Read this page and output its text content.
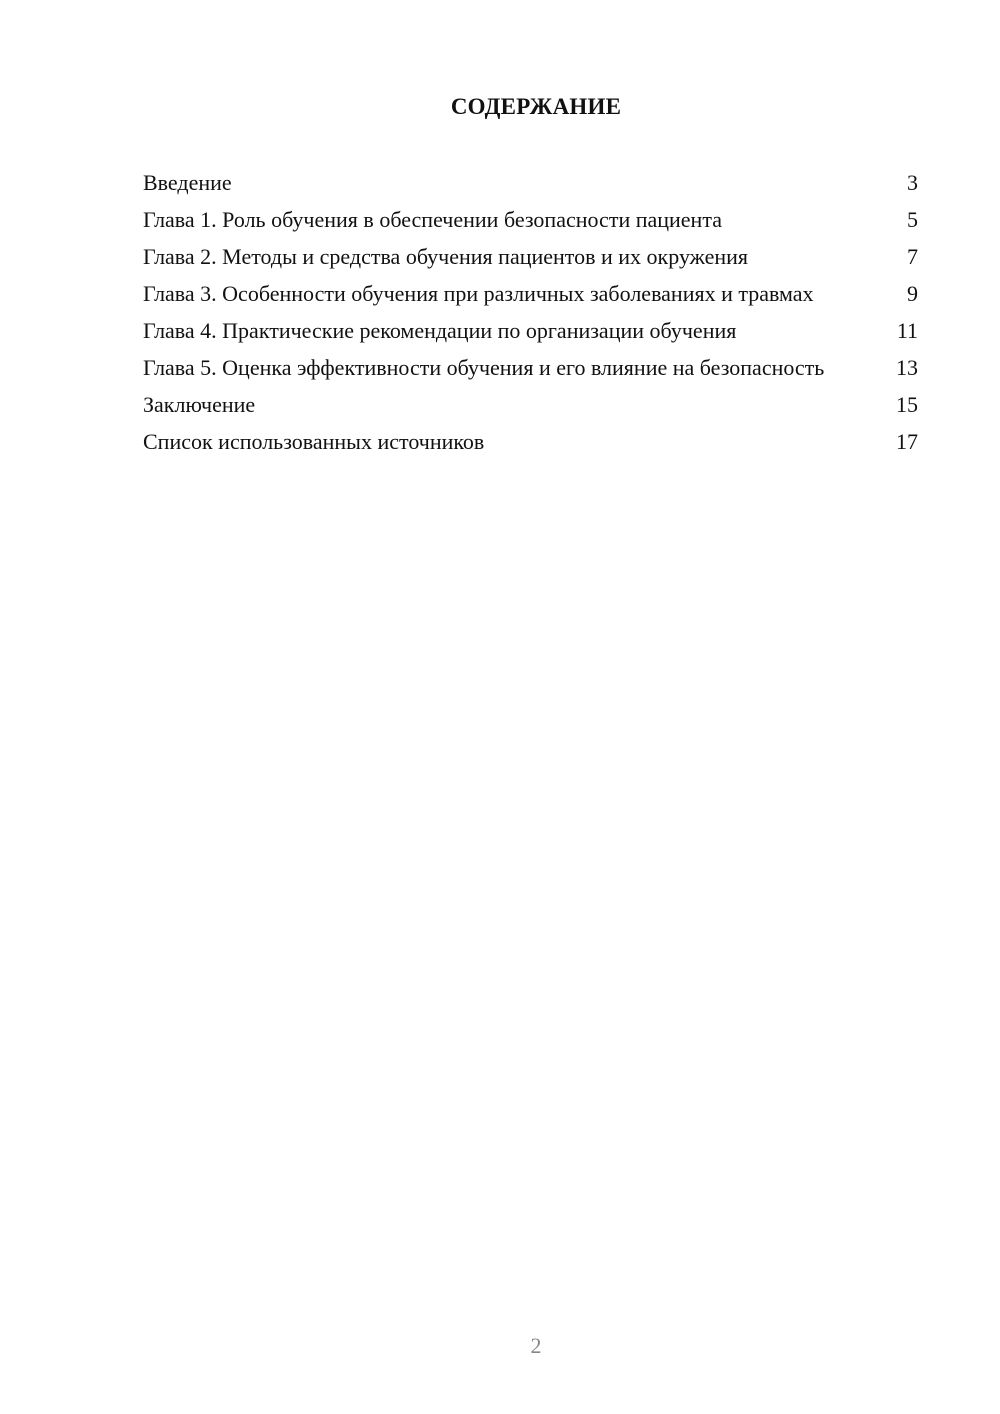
СОДЕРЖАНИЕ
Введение	3
Глава 1. Роль обучения в обеспечении безопасности пациента	5
Глава 2. Методы и средства обучения пациентов и их окружения	7
Глава 3. Особенности обучения при различных заболеваниях и травмах	9
Глава 4. Практические рекомендации по организации обучения	11
Глава 5. Оценка эффективности обучения и его влияние на безопасность	13
Заключение	15
Список использованных источников	17
2
